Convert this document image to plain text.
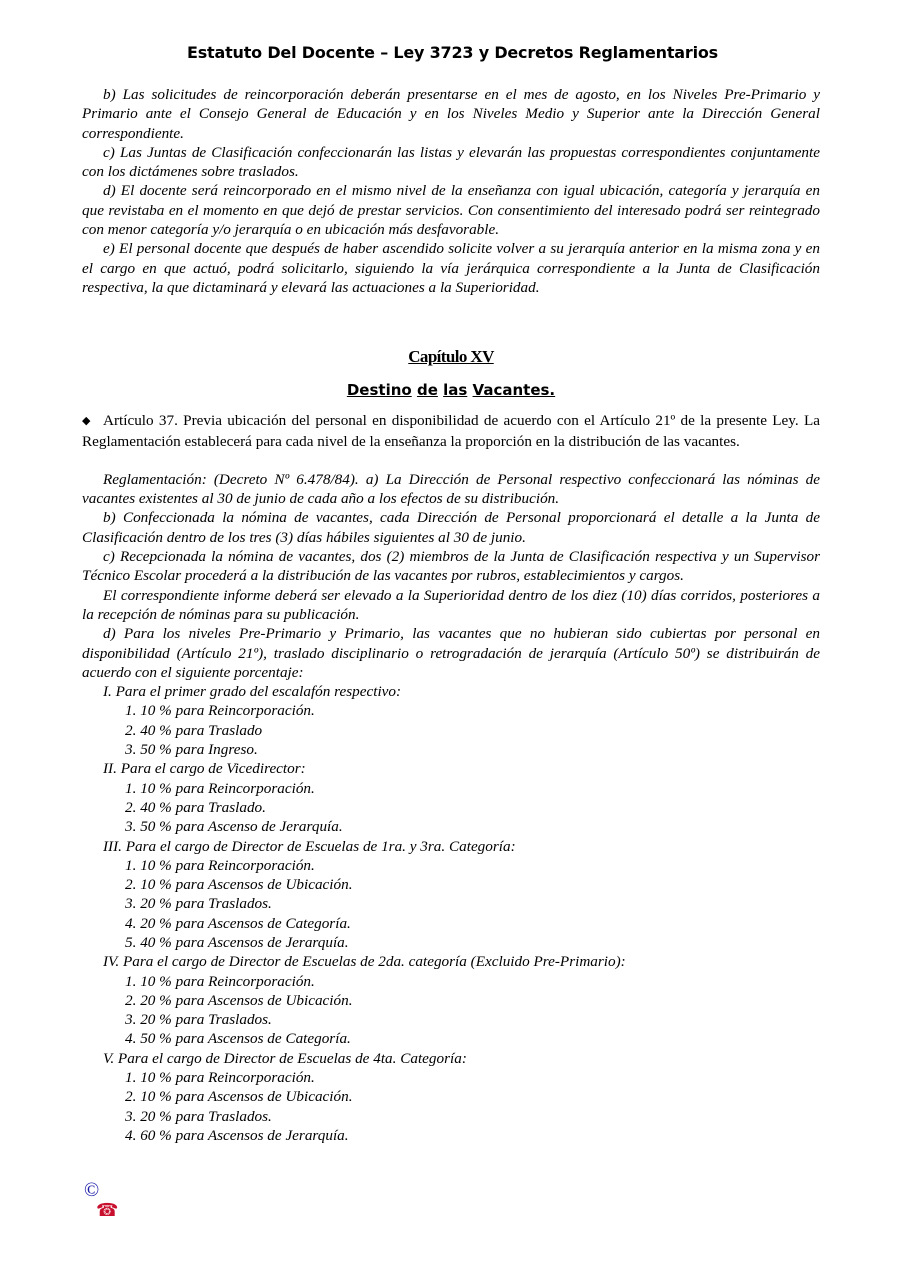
Estatuto Del Docente – Ley 3723 y Decretos Reglamentarios

b) Las solicitudes de reincorporación deberán presentarse en el mes de agosto, en los Niveles Pre-Primario y Primario ante el Consejo General de Educación y en los Niveles Medio y Superior ante la Dirección General correspondiente.

c) Las Juntas de Clasificación confeccionarán las listas y elevarán las propuestas correspondientes conjuntamente con los dictámenes sobre traslados.

d) El docente será reincorporado en el mismo nivel de la enseñanza con igual ubicación, categoría y jerarquía en que revistaba en el momento en que dejó de prestar servicios. Con consentimiento del interesado podrá ser reintegrado con menor categoría y/o jerarquía o en ubicación más desfavorable.

e) El personal docente que después de haber ascendido solicite volver a su jerarquía anterior en la misma zona y en el cargo en que actuó, podrá solicitarlo, siguiendo la vía jerárquica correspondiente a la Junta de Clasificación respectiva, la que dictaminará y elevará las actuaciones a la Superioridad.

Capítulo XV

Destino de las Vacantes.

◆ Artículo 37. Previa ubicación del personal en disponibilidad de acuerdo con el Artículo 21º de la presente Ley. La Reglamentación establecerá para cada nivel de la enseñanza la proporción en la distribución de las vacantes.

Reglamentación: (Decreto Nº 6.478/84). a) La Dirección de Personal respectivo confeccionará las nóminas de vacantes existentes al 30 de junio de cada año a los efectos de su distribución.

b) Confeccionada la nómina de vacantes, cada Dirección de Personal proporcionará el detalle a la Junta de Clasificación dentro de los tres (3) días hábiles siguientes al 30 de junio.

c) Recepcionada la nómina de vacantes, dos (2) miembros de la Junta de Clasificación respectiva y un Supervisor Técnico Escolar procederá a la distribución de las vacantes por rubros, establecimientos y cargos.

El correspondiente informe deberá ser elevado a la Superioridad dentro de los diez (10) días corridos, posteriores a la recepción de nóminas para su publicación.

d) Para los niveles Pre-Primario y Primario, las vacantes que no hubieran sido cubiertas por personal en disponibilidad (Artículo 21º), traslado disciplinario o retrogradación de jerarquía (Artículo 50º) se distribuirán de acuerdo con el siguiente porcentaje:

I. Para el primer grado del escalafón respectivo:

1. 10 % para Reincorporación.

2. 40 % para Traslado

3. 50 % para Ingreso.

II. Para el cargo de Vicedirector:

1. 10 % para Reincorporación.

2. 40 % para Traslado.

3. 50 % para Ascenso de Jerarquía.

III. Para el cargo de Director de Escuelas de 1ra. y 3ra. Categoría:

1. 10 % para Reincorporación.

2. 10 % para Ascensos de Ubicación.

3. 20 % para Traslados.

4. 20 % para Ascensos de Categoría.

5. 40 % para Ascensos de Jerarquía.

IV. Para el cargo de Director de Escuelas de 2da. categoría (Excluido Pre-Primario):

1. 10 % para Reincorporación.

2. 20 % para Ascensos de Ubicación.

3. 20 % para Traslados.

4. 50 % para Ascensos de Categoría.

V. Para el cargo de Director de Escuelas de 4ta. Categoría:

1. 10 % para Reincorporación.

2. 10 % para Ascensos de Ubicación.

3. 20 % para Traslados.

4. 60 % para Ascensos de Jerarquía.

©
☎
